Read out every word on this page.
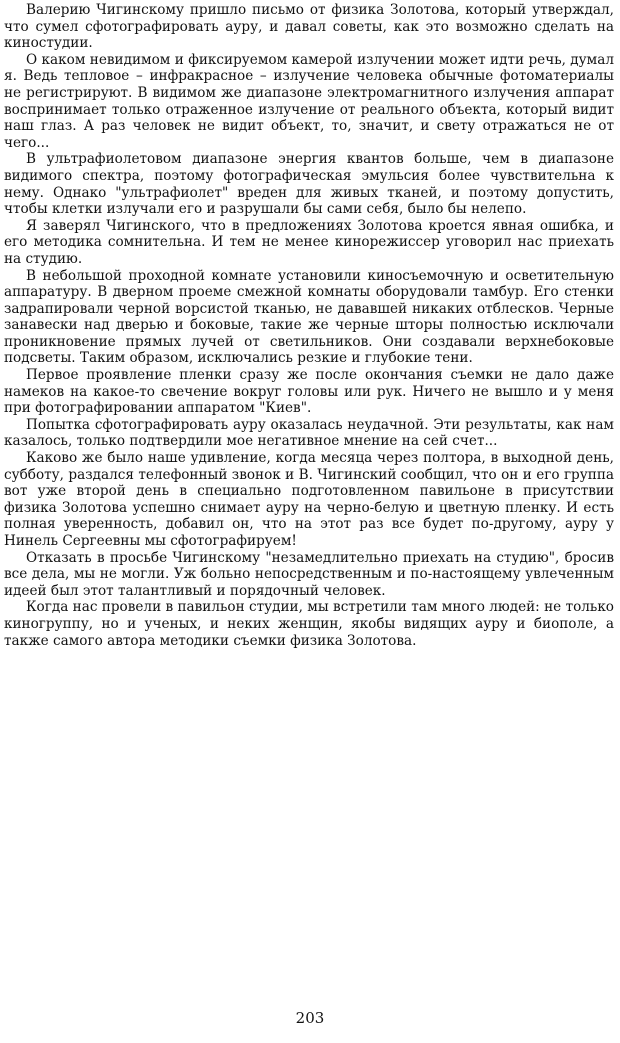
Валерию Чигинскому пришло письмо от физика Золотова, который утверждал, что сумел сфотографировать ауру, и давал советы, как это возможно сделать на киностудии.

О каком невидимом и фиксируемом камерой излучении может идти речь, думал я. Ведь тепловое – инфракрасное – излучение человека обычные фотоматериалы не регистрируют. В видимом же диапазоне электромагнитного излучения аппарат воспринимает только отраженное излучение от реального объекта, который видит наш глаз. А раз человек не видит объект, то, значит, и свету отражаться не от чего...

В ультрафиолетовом диапазоне энергия квантов больше, чем в диапазоне видимого спектра, поэтому фотографическая эмульсия более чувствительна к нему. Однако "ультрафиолет" вреден для живых тканей, и поэтому допустить, чтобы клетки излучали его и разрушали бы сами себя, было бы нелепо.

Я заверял Чигинского, что в предложениях Золотова кроется явная ошибка, и его методика сомнительна. И тем не менее кинорежиссер уговорил нас приехать на студию.

В небольшой проходной комнате установили киносъемочную и осветительную аппаратуру. В дверном проеме смежной комнаты оборудовали тамбур. Его стенки задрапировали черной ворсистой тканью, не дававшей никаких отблесков. Черные занавески над дверью и боковые, такие же черные шторы полностью исключали проникновение прямых лучей от светильников. Они создавали верхнебоковые подсветы. Таким образом, исключались резкие и глубокие тени.

Первое проявление пленки сразу же после окончания съемки не дало даже намеков на какое-то свечение вокруг головы или рук. Ничего не вышло и у меня при фотографировании аппаратом "Киев".

Попытка сфотографировать ауру оказалась неудачной. Эти результаты, как нам казалось, только подтвердили мое негативное мнение на сей счет...

Каково же было наше удивление, когда месяца через полтора, в выходной день, субботу, раздался телефонный звонок и В. Чигинский сообщил, что он и его группа вот уже второй день в специально подготовленном павильоне в присутствии физика Золотова успешно снимает ауру на черно-белую и цветную пленку. И есть полная уверенность, добавил он, что на этот раз все будет по-другому, ауру у Нинель Сергеевны мы сфотографируем!

Отказать в просьбе Чигинскому "незамедлительно приехать на студию", бросив все дела, мы не могли. Уж больно непосредственным и по-настоящему увлеченным идеей был этот талантливый и порядочный человек.

Когда нас провели в павильон студии, мы встретили там много людей: не только киногруппу, но и ученых, и неких женщин, якобы видящих ауру и биополе, а также самого автора методики съемки физика Золотова.

203
